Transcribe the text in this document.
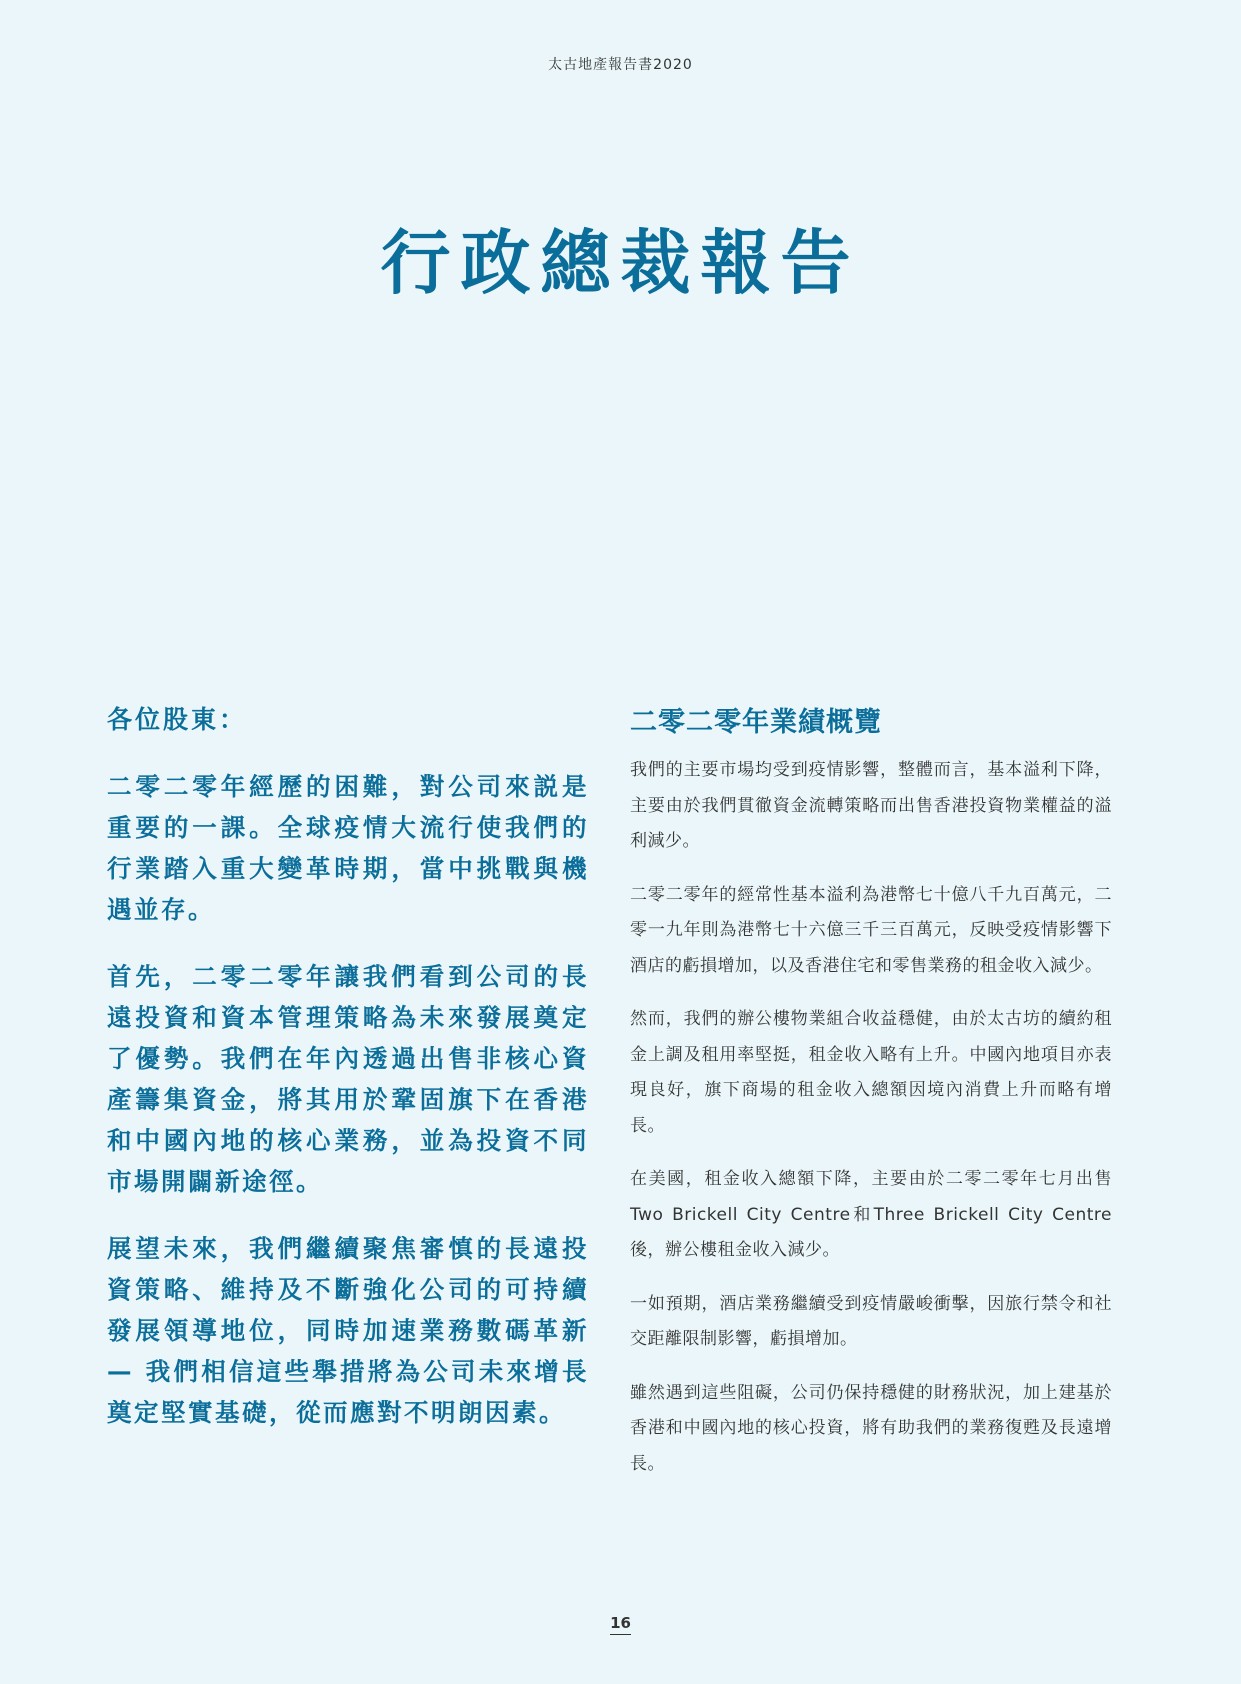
太古地產報告書2020
行政總裁報告

各位股東：

二零二零年經歷的困難，對公司來説是重要的一課。全球疫情大流行使我們的行業踏入重大變革時期，當中挑戰與機遇並存。

首先，二零二零年讓我們看到公司的長遠投資和資本管理策略為未來發展奠定了優勢。我們在年內透過出售非核心資產籌集資金，將其用於鞏固旗下在香港和中國內地的核心業務，並為投資不同市場開闢新途徑。

展望未來，我們繼續聚焦審慎的長遠投資策略、維持及不斷強化公司的可持續發展領導地位，同時加速業務數碼革新 — 我們相信這些舉措將為公司未來增長奠定堅實基礎，從而應對不明朗因素。

二零二零年業績概覽

我們的主要市場均受到疫情影響，整體而言，基本溢利下降，主要由於我們貫徹資金流轉策略而出售香港投資物業權益的溢利減少。

二零二零年的經常性基本溢利為港幣七十億八千九百萬元，二零一九年則為港幣七十六億三千三百萬元，反映受疫情影響下酒店的虧損增加，以及香港住宅和零售業務的租金收入減少。

然而，我們的辦公樓物業組合收益穩健，由於太古坊的續約租金上調及租用率堅挺，租金收入略有上升。中國內地項目亦表現良好，旗下商場的租金收入總額因境內消費上升而略有增長。

在美國，租金收入總額下降，主要由於二零二零年七月出售Two Brickell City Centre和Three Brickell City Centre後，辦公樓租金收入減少。

一如預期，酒店業務繼續受到疫情嚴峻衝擊，因旅行禁令和社交距離限制影響，虧損增加。

雖然遇到這些阻礙，公司仍保持穩健的財務狀況，加上建基於香港和中國內地的核心投資，將有助我們的業務復甦及長遠增長。

16
